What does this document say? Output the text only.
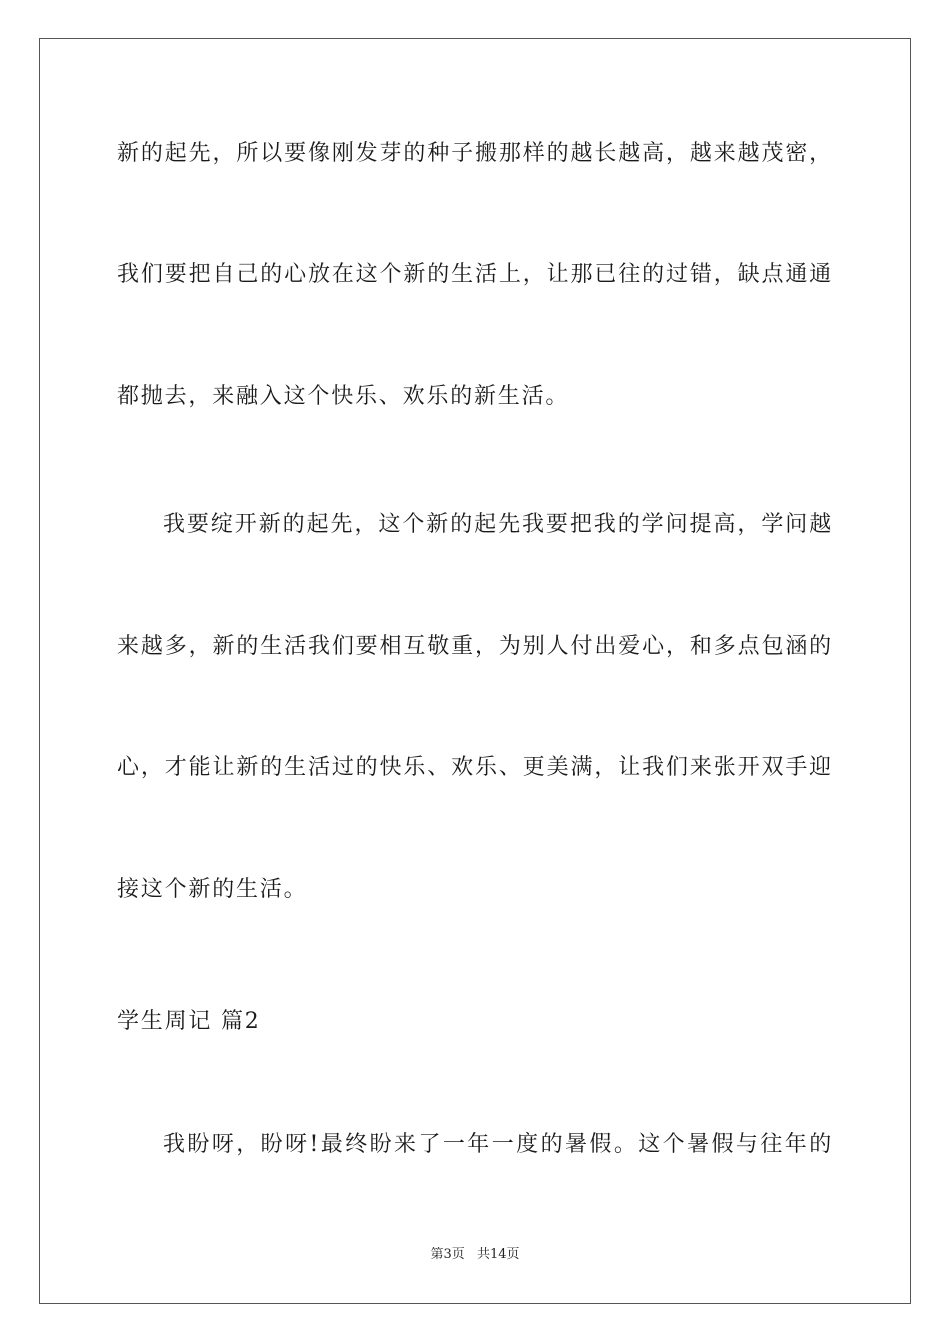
新的起先，所以要像刚发芽的种子搬那样的越长越高，越来越茂密，
我们要把自己的心放在这个新的生活上，让那已往的过错，缺点通通
都抛去，来融入这个快乐、欢乐的新生活。
我要绽开新的起先，这个新的起先我要把我的学问提高，学问越
来越多，新的生活我们要相互敬重，为别人付出爱心，和多点包涵的
心，才能让新的生活过的快乐、欢乐、更美满，让我们来张开双手迎
接这个新的生活。
学生周记 篇2
我盼呀，盼呀!最终盼来了一年一度的暑假。这个暑假与往年的
第3页 共14页
